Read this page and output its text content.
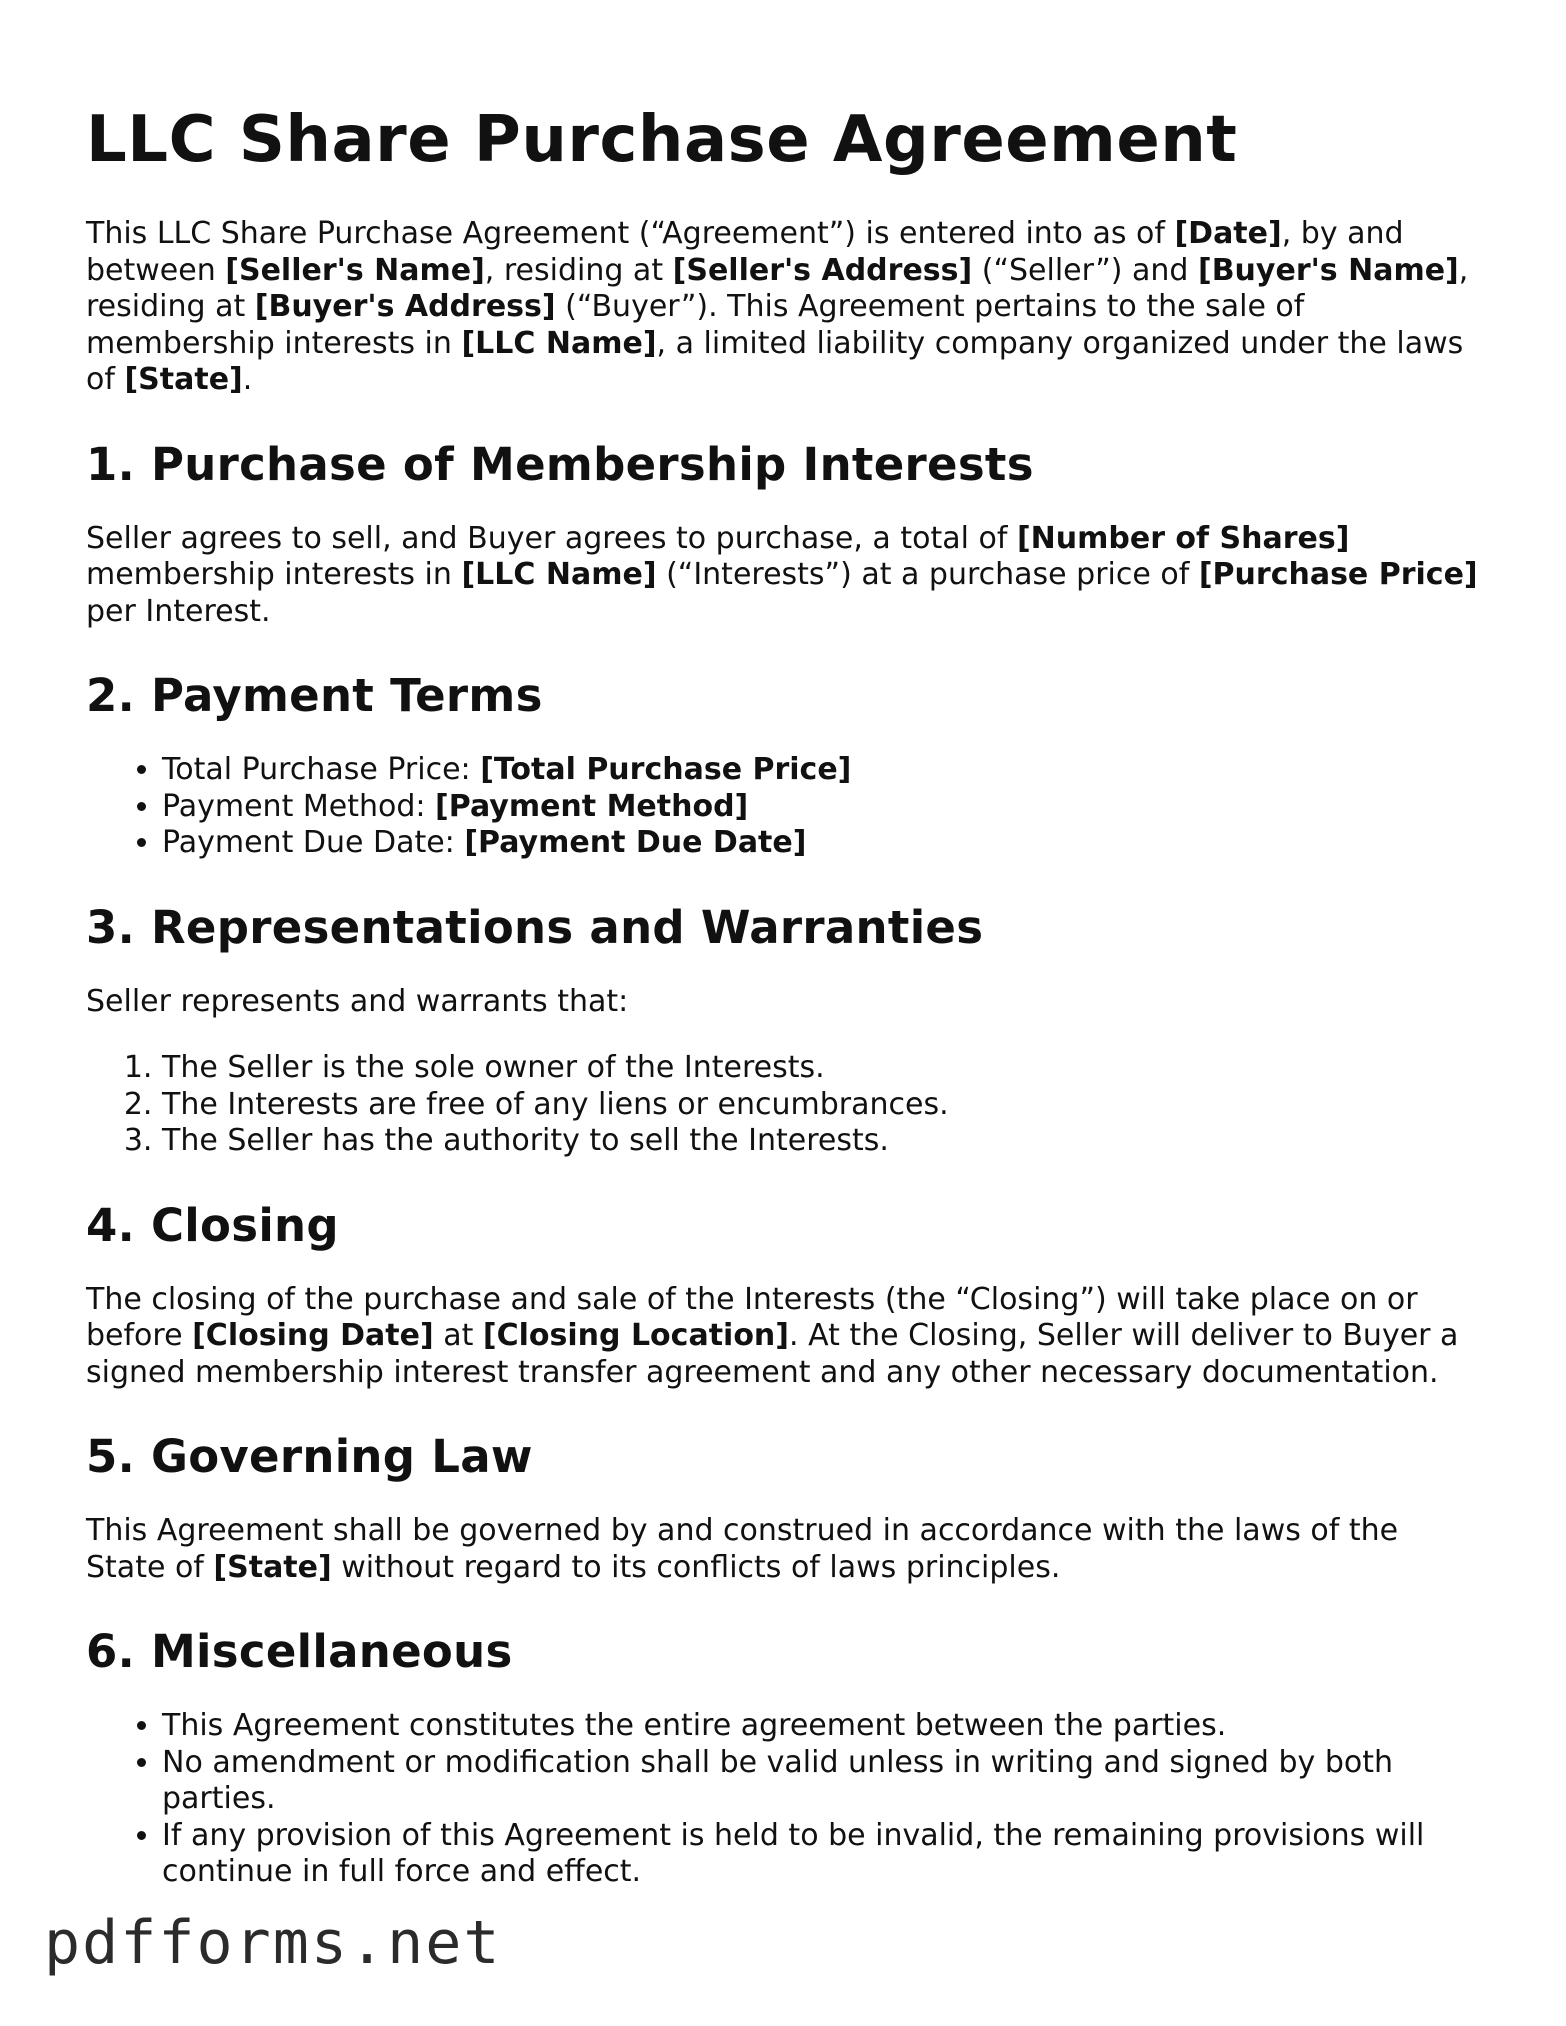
LLC Share Purchase Agreement

This LLC Share Purchase Agreement (“Agreement”) is entered into as of [Date], by and between [Seller's Name], residing at [Seller's Address] (“Seller”) and [Buyer's Name], residing at [Buyer's Address] (“Buyer”). This Agreement pertains to the sale of membership interests in [LLC Name], a limited liability company organized under the laws of [State].

1. Purchase of Membership Interests

Seller agrees to sell, and Buyer agrees to purchase, a total of [Number of Shares] membership interests in [LLC Name] (“Interests”) at a purchase price of [Purchase Price] per Interest.

2. Payment Terms
• Total Purchase Price: [Total Purchase Price]
• Payment Method: [Payment Method]
• Payment Due Date: [Payment Due Date]
3. Representations and Warranties

Seller represents and warrants that:

1. The Seller is the sole owner of the Interests.
2. The Interests are free of any liens or encumbrances.
3. The Seller has the authority to sell the Interests.
4. Closing

The closing of the purchase and sale of the Interests (the “Closing”) will take place on or before [Closing Date] at [Closing Location]. At the Closing, Seller will deliver to Buyer a signed membership interest transfer agreement and any other necessary documentation.

5. Governing Law

This Agreement shall be governed by and construed in accordance with the laws of the State of [State] without regard to its conflicts of laws principles.

6. Miscellaneous
• This Agreement constitutes the entire agreement between the parties.
• No amendment or modification shall be valid unless in writing and signed by both parties.
• If any provision of this Agreement is held to be invalid, the remaining provisions will continue in full force and effect.
pdfforms.net
